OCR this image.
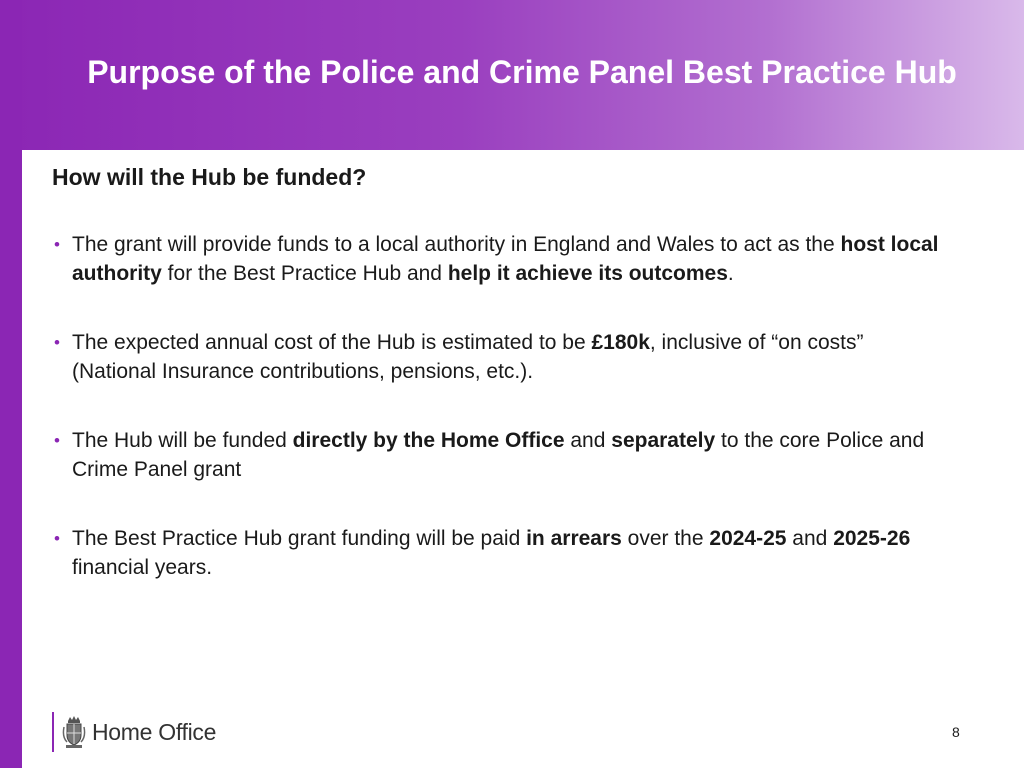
Purpose of the Police and Crime Panel Best Practice Hub
How will the Hub be funded?
• The grant will provide funds to a local authority in England and Wales to act as the host local authority for the Best Practice Hub and help it achieve its outcomes.
• The expected annual cost of the Hub is estimated to be £180k, inclusive of “on costs” (National Insurance contributions, pensions, etc.).
• The Hub will be funded directly by the Home Office and separately to the core Police and Crime Panel grant
• The Best Practice Hub grant funding will be paid in arrears over the 2024-25 and 2025-26 financial years.
Home Office	8
